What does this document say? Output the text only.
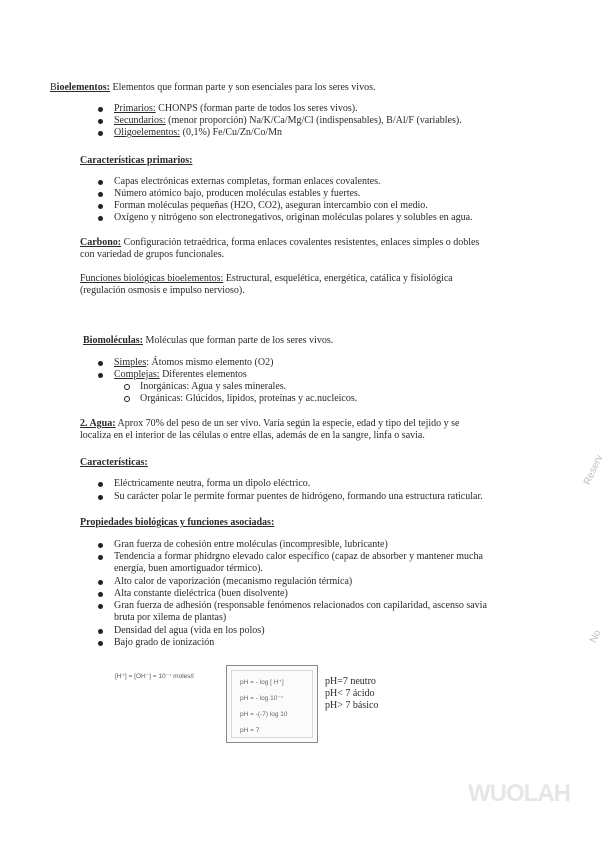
Bioelementos: Elementos que forman parte y son esenciales para los seres vivos.
Primarios: CHONPS (forman parte de todos los seres vivos).
Secundarios: (menor proporción) Na/K/Ca/Mg/Cl (indispensables), B/Al/F (variables).
Oligoelementos: (0,1%) Fe/Cu/Zn/Co/Mn
Características primarios:
Capas electrónicas externas completas, forman enlaces covalentes.
Número atómico bajo, producen moléculas estables y fuertes.
Forman moléculas pequeñas (H2O, CO2), aseguran intercambio con el medio.
Oxígeno y nitrógeno son electronegativos, originan moléculas polares y solubles en agua.
Carbono: Configuración tetraédrica, forma enlaces covalentes resistentes, enlaces simples o dobles
con variedad de grupos funcionales.
Funciones biológicas bioelementos: Estructural, esquelética, energética, catálica y fisiológica
(regulación osmosis e impulso nervioso).
Biomoléculas: Moléculas que forman parte de los seres vivos.
Simples: Átomos mismo elemento (O2)
Complejas: Diferentes elementos
Inorgánicas: Agua y sales minerales.
Orgánicas: Glúcidos, lípidos, proteínas y ac.nucleicos.
2. Agua: Aprox 70% del peso de un ser vivo. Varía según la especie, edad y tipo del tejido y se
localiza en el interior de las células o entre ellas, además de en la sangre, linfa o savia.
Características:
Eléctricamente neutra, forma un dipolo eléctrico.
Su carácter polar le permite formar puentes de hidrógeno, formando una estructura raticular.
Propiedades biológicas y funciones asociadas:
Gran fuerza de cohesión entre moléculas (incompresible, lubricante)
Tendencia a formar phidrgno elevado calor específico (capaz de absorber y mantener mucha
energía, buen amortiguador térmico).
Alto calor de vaporización (mecanismo regulación térmica)
Alta constante dieléctrica (buen disolvente)
Gran fuerza de adhesión (responsable fenómenos relacionados con capilaridad, ascenso savia
bruta por xilema de plantas)
Densidad del agua (vida en los polos)
Bajo grado de ionización
[H⁺] = [OH⁻] = 10⁻⁷ moles/l
pH = - log [ H⁺]
pH = - log 10⁻⁷
pH = -(-7) log 10
pH = 7
pH=7 neutro
pH< 7 ácido
pH> 7 básico
Reserv
No
WUOLAH
